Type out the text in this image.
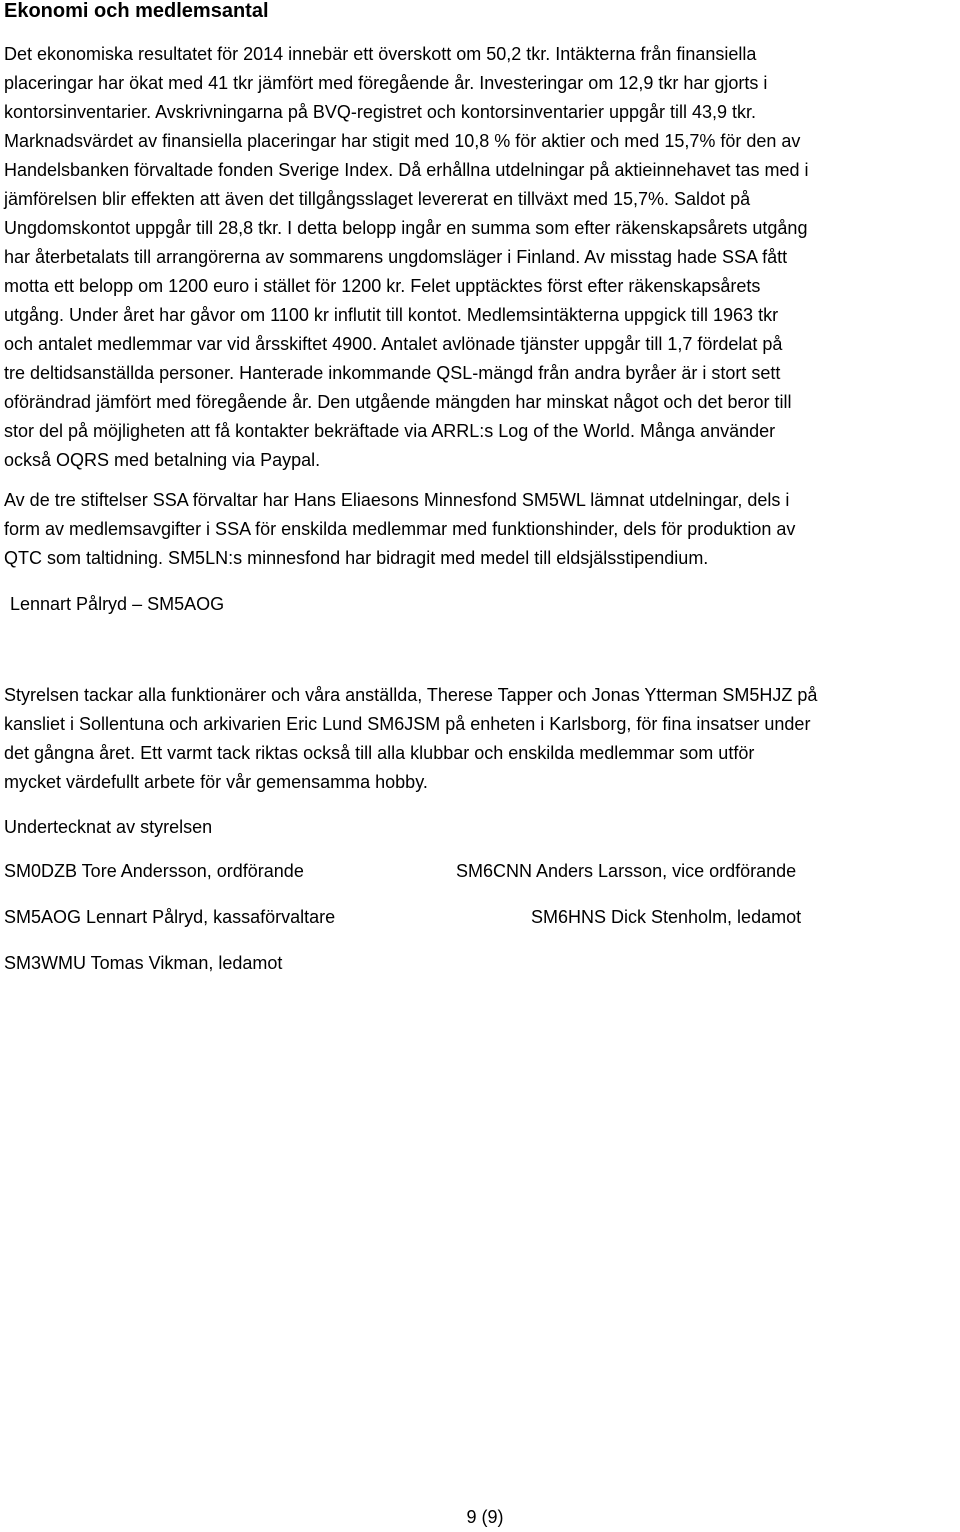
Ekonomi och medlemsantal
Det ekonomiska resultatet för 2014 innebär ett överskott om 50,2 tkr. Intäkterna från finansiella
placeringar har ökat med 41 tkr jämfört med föregående år. Investeringar om 12,9 tkr har gjorts i
kontorsinventarier. Avskrivningarna på BVQ-registret och kontorsinventarier uppgår till 43,9 tkr.
Marknadsvärdet av finansiella placeringar har stigit med 10,8 % för aktier och med 15,7% för den av
Handelsbanken förvaltade fonden Sverige Index. Då erhållna utdelningar på aktieinnehavet tas med i
jämförelsen blir effekten att även det tillgångsslaget levererat en tillväxt med 15,7%. Saldot på
Ungdomskontot uppgår till 28,8 tkr. I detta belopp ingår en summa som efter räkenskapsårets utgång
har återbetalats till arrangörerna av sommarens ungdomsläger i Finland. Av misstag hade SSA fått
motta ett belopp om 1200 euro i stället för 1200 kr. Felet upptäcktes först efter räkenskapsårets
utgång. Under året har gåvor om 1100 kr influtit till kontot. Medlemsintäkterna uppgick till 1963 tkr
och antalet medlemmar var vid årsskiftet 4900. Antalet avlönade tjänster uppgår till 1,7 fördelat på
tre deltidsanställda personer. Hanterade inkommande QSL-mängd från andra byråer är i stort sett
oförändrad jämfört med föregående år. Den utgående mängden har minskat något och det beror till
stor del på möjligheten att få kontakter bekräftade via ARRL:s Log of the World. Många använder
också OQRS med betalning via Paypal.
Av de tre stiftelser SSA förvaltar har Hans Eliaesons Minnesfond SM5WL lämnat utdelningar, dels i
form av medlemsavgifter i SSA för enskilda medlemmar med funktionshinder, dels för produktion av
QTC som taltidning. SM5LN:s minnesfond har bidragit med medel till eldsjälsstipendium.
Lennart Pålryd – SM5AOG
Styrelsen tackar alla funktionärer och våra anställda, Therese Tapper och Jonas Ytterman SM5HJZ på
kansliet i Sollentuna och arkivarien Eric Lund SM6JSM på enheten i Karlsborg, för fina insatser under
det gångna året. Ett varmt tack riktas också till alla klubbar och enskilda medlemmar som utför
mycket värdefullt arbete för vår gemensamma hobby.
Undertecknat av styrelsen
SM0DZB Tore Andersson, ordförande	SM6CNN Anders Larsson, vice ordförande
SM5AOG Lennart Pålryd, kassaförvaltare	SM6HNS Dick Stenholm, ledamot
SM3WMU Tomas Vikman, ledamot
9 (9)
